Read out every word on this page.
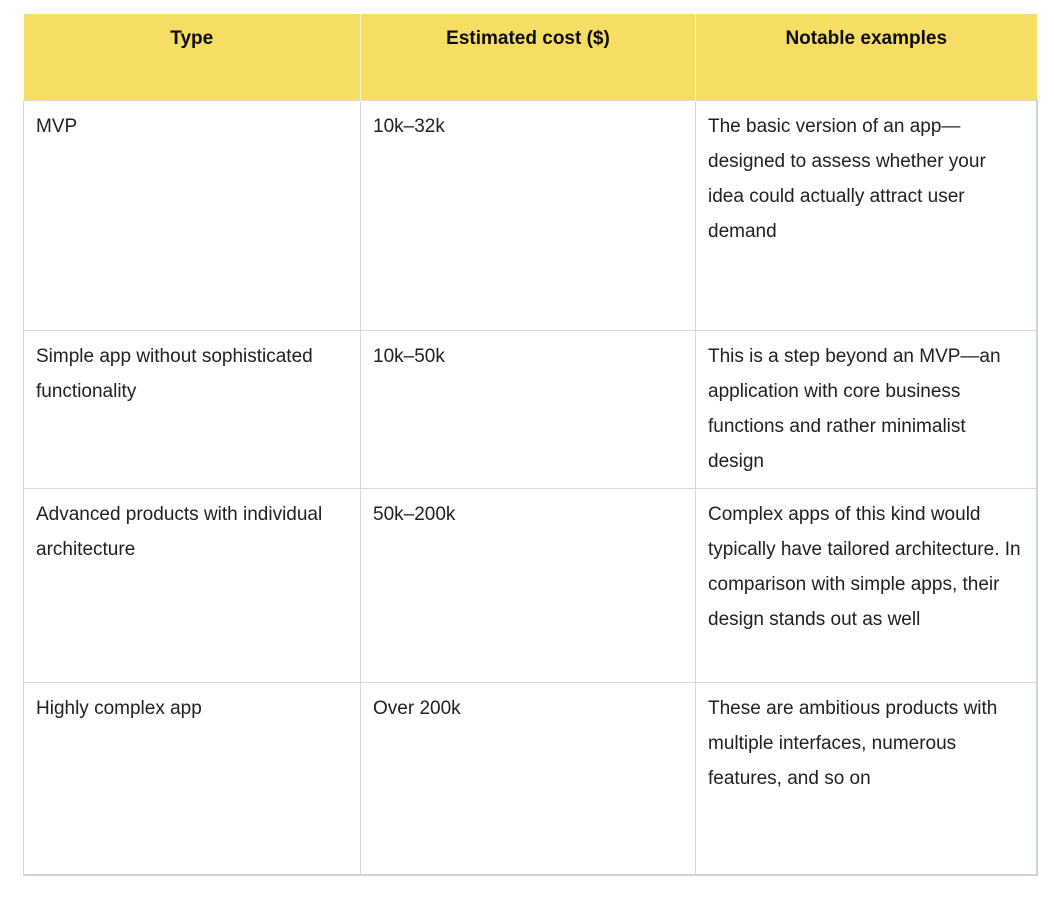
Type	Estimated cost ($)	Notable examples
MVP	10k–32k	The basic version of an app—designed to assess whether your idea could actually attract user demand
Simple app without sophisticated functionality	10k–50k	This is a step beyond an MVP—an application with core business functions and rather minimalist design
Advanced products with individual architecture	50k–200k	Complex apps of this kind would typically have tailored architecture. In comparison with simple apps, their design stands out as well
Highly complex app	Over 200k	These are ambitious products with multiple interfaces, numerous features, and so on
